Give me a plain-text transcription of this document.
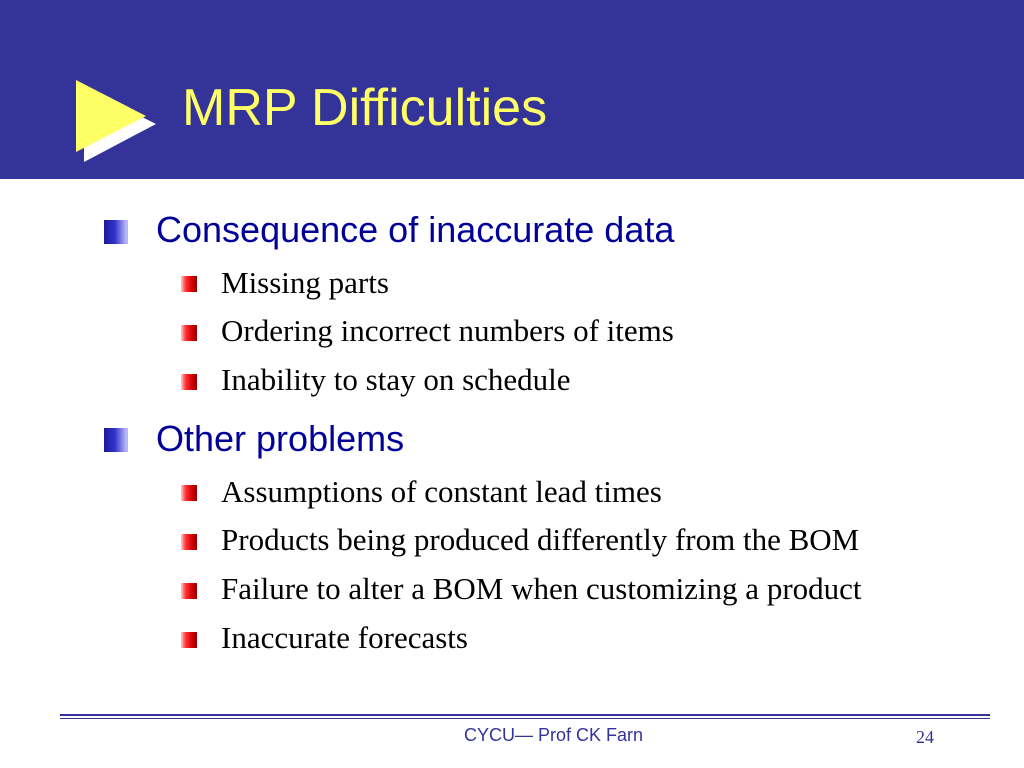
MRP Difficulties
Consequence of inaccurate data
Missing parts
Ordering incorrect numbers of items
Inability to stay on schedule
Other problems
Assumptions of constant lead times
Products being produced differently from the BOM
Failure to alter a BOM when customizing a product
Inaccurate forecasts
CYCU— Prof CK Farn	24
